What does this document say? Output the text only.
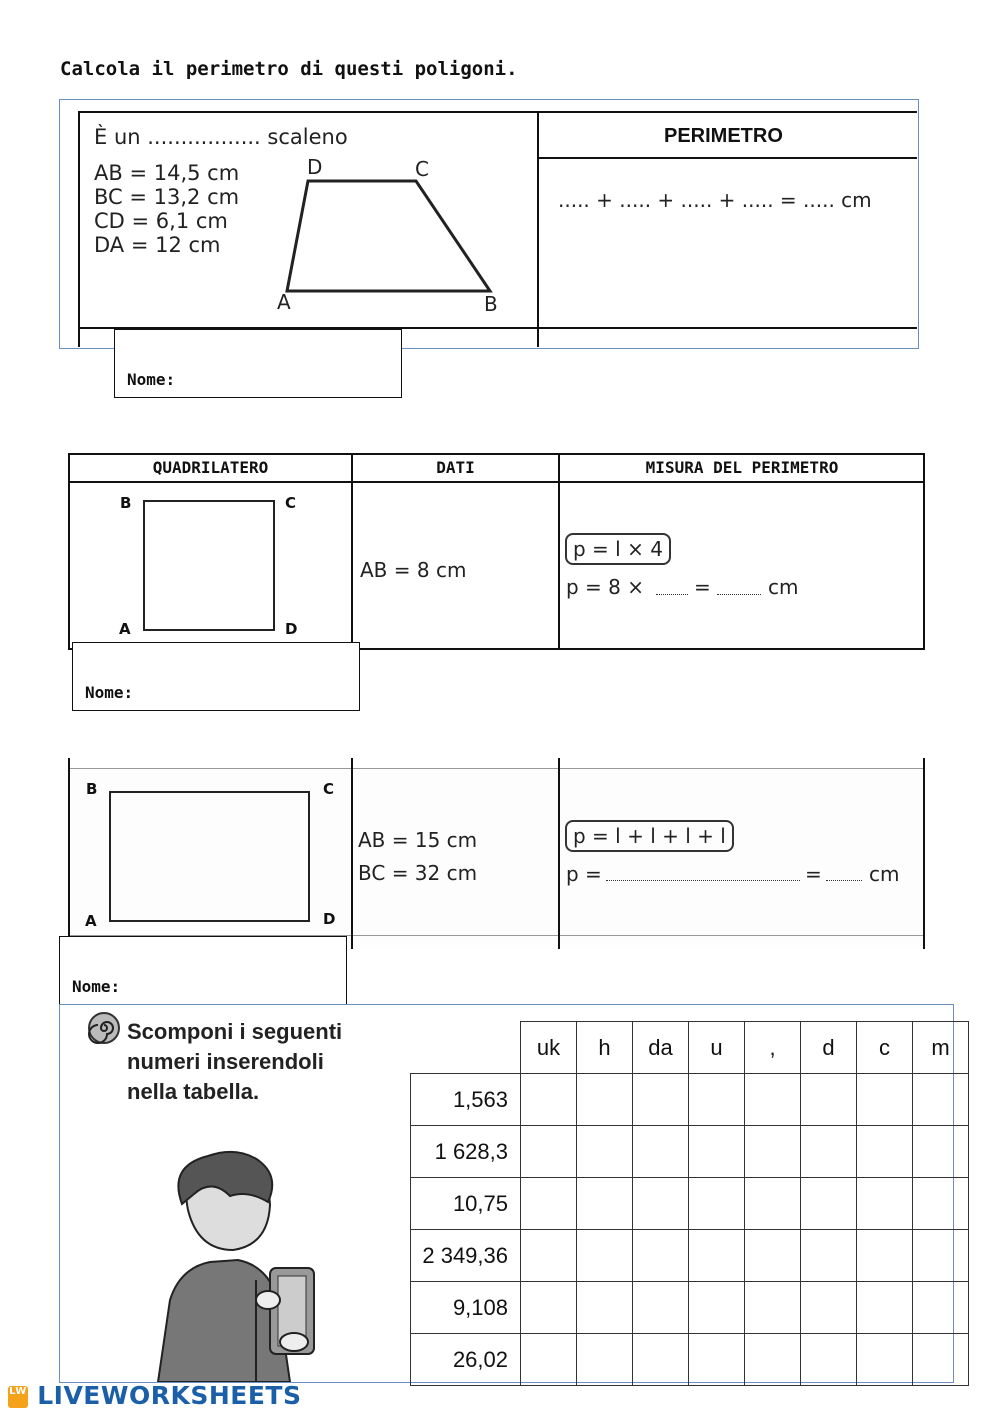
Calcola il perimetro di questi poligoni.
È un ................. scaleno
AB = 14,5 cm
BC = 13,2 cm
CD = 6,1 cm
DA = 12 cm
D	C
A	B
PERIMETRO
..... + ..... + ..... + ..... = ..... cm
Nome:
QUADRILATERO	DATI	MISURA DEL PERIMETRO
B	C
A	D
AB = 8 cm
p = l × 4
p = 8 × =	cm
Nome:
B	C
A	D
AB = 15 cm
BC = 32 cm
p = l + l + l + l
p =	= cm
Nome:
Scomponi i seguenti
numeri inserendoli
nella tabella.
	uk	h	da	u	,	d	c	m
1,563								
1 628,3								
10,75								
2 349,36								
9,108								
26,02								
LW LIVEWORKSHEETS
